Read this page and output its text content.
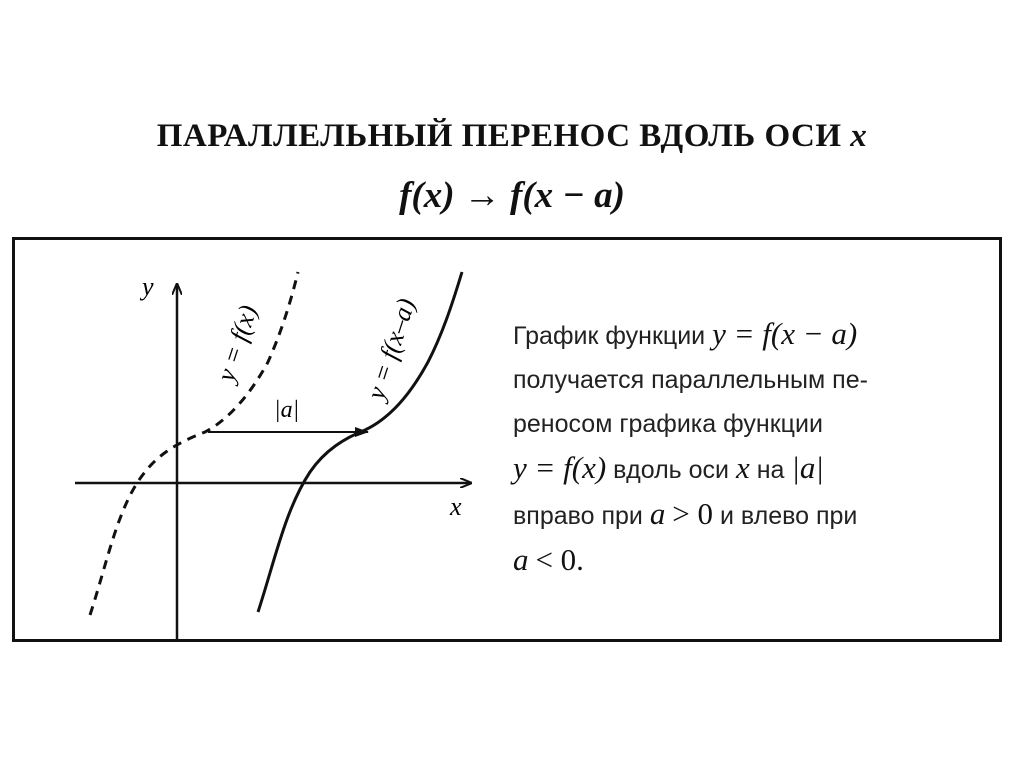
ПАРАЛЛЕЛЬНЫЙ ПЕРЕНОС ВДОЛЬ ОСИ x
f(x) → f(x − a)
y
x
|a|
y = f(x)	y = f(x–a)	График функции y = f(x − a)
получается параллельным пе-
реносом графика функции
y = f(x) вдоль оси x на |a|
вправо при a > 0 и влево при
a < 0.
